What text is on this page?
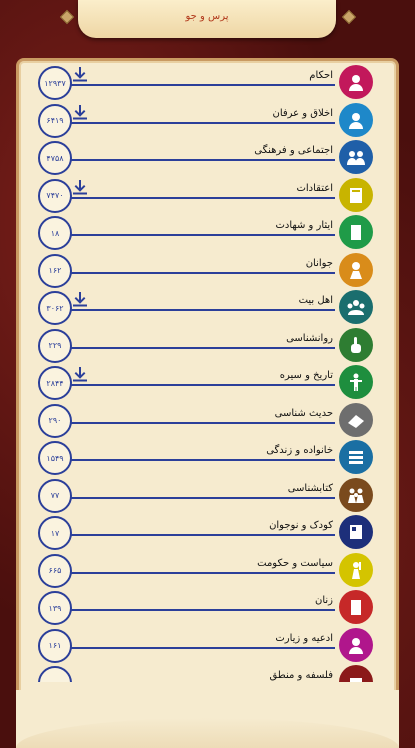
پرس و جو
۱۲۹۳۷
احکام
۶۴۱۹
اخلاق و عرفان
۴۷۵۸
اجتماعی و فرهنگی
۷۴۷۰
اعتقادات
۱۸
ایثار و شهادت
۱۶۲
جوانان
۳۰۶۲
اهل بیت
۲۲۹
روانشناسی
۲۸۴۴
تاریخ و سیره
۲۹۰
حدیث شناسی
۱۵۴۹
خانواده و زندگی
۷۷
کتابشناسی
۱۷
کودک و نوجوان
۶۶۵
سیاست و حکومت
۱۳۹
زنان
۱۶۱
ادعیه و زیارت
فلسفه و منطق
